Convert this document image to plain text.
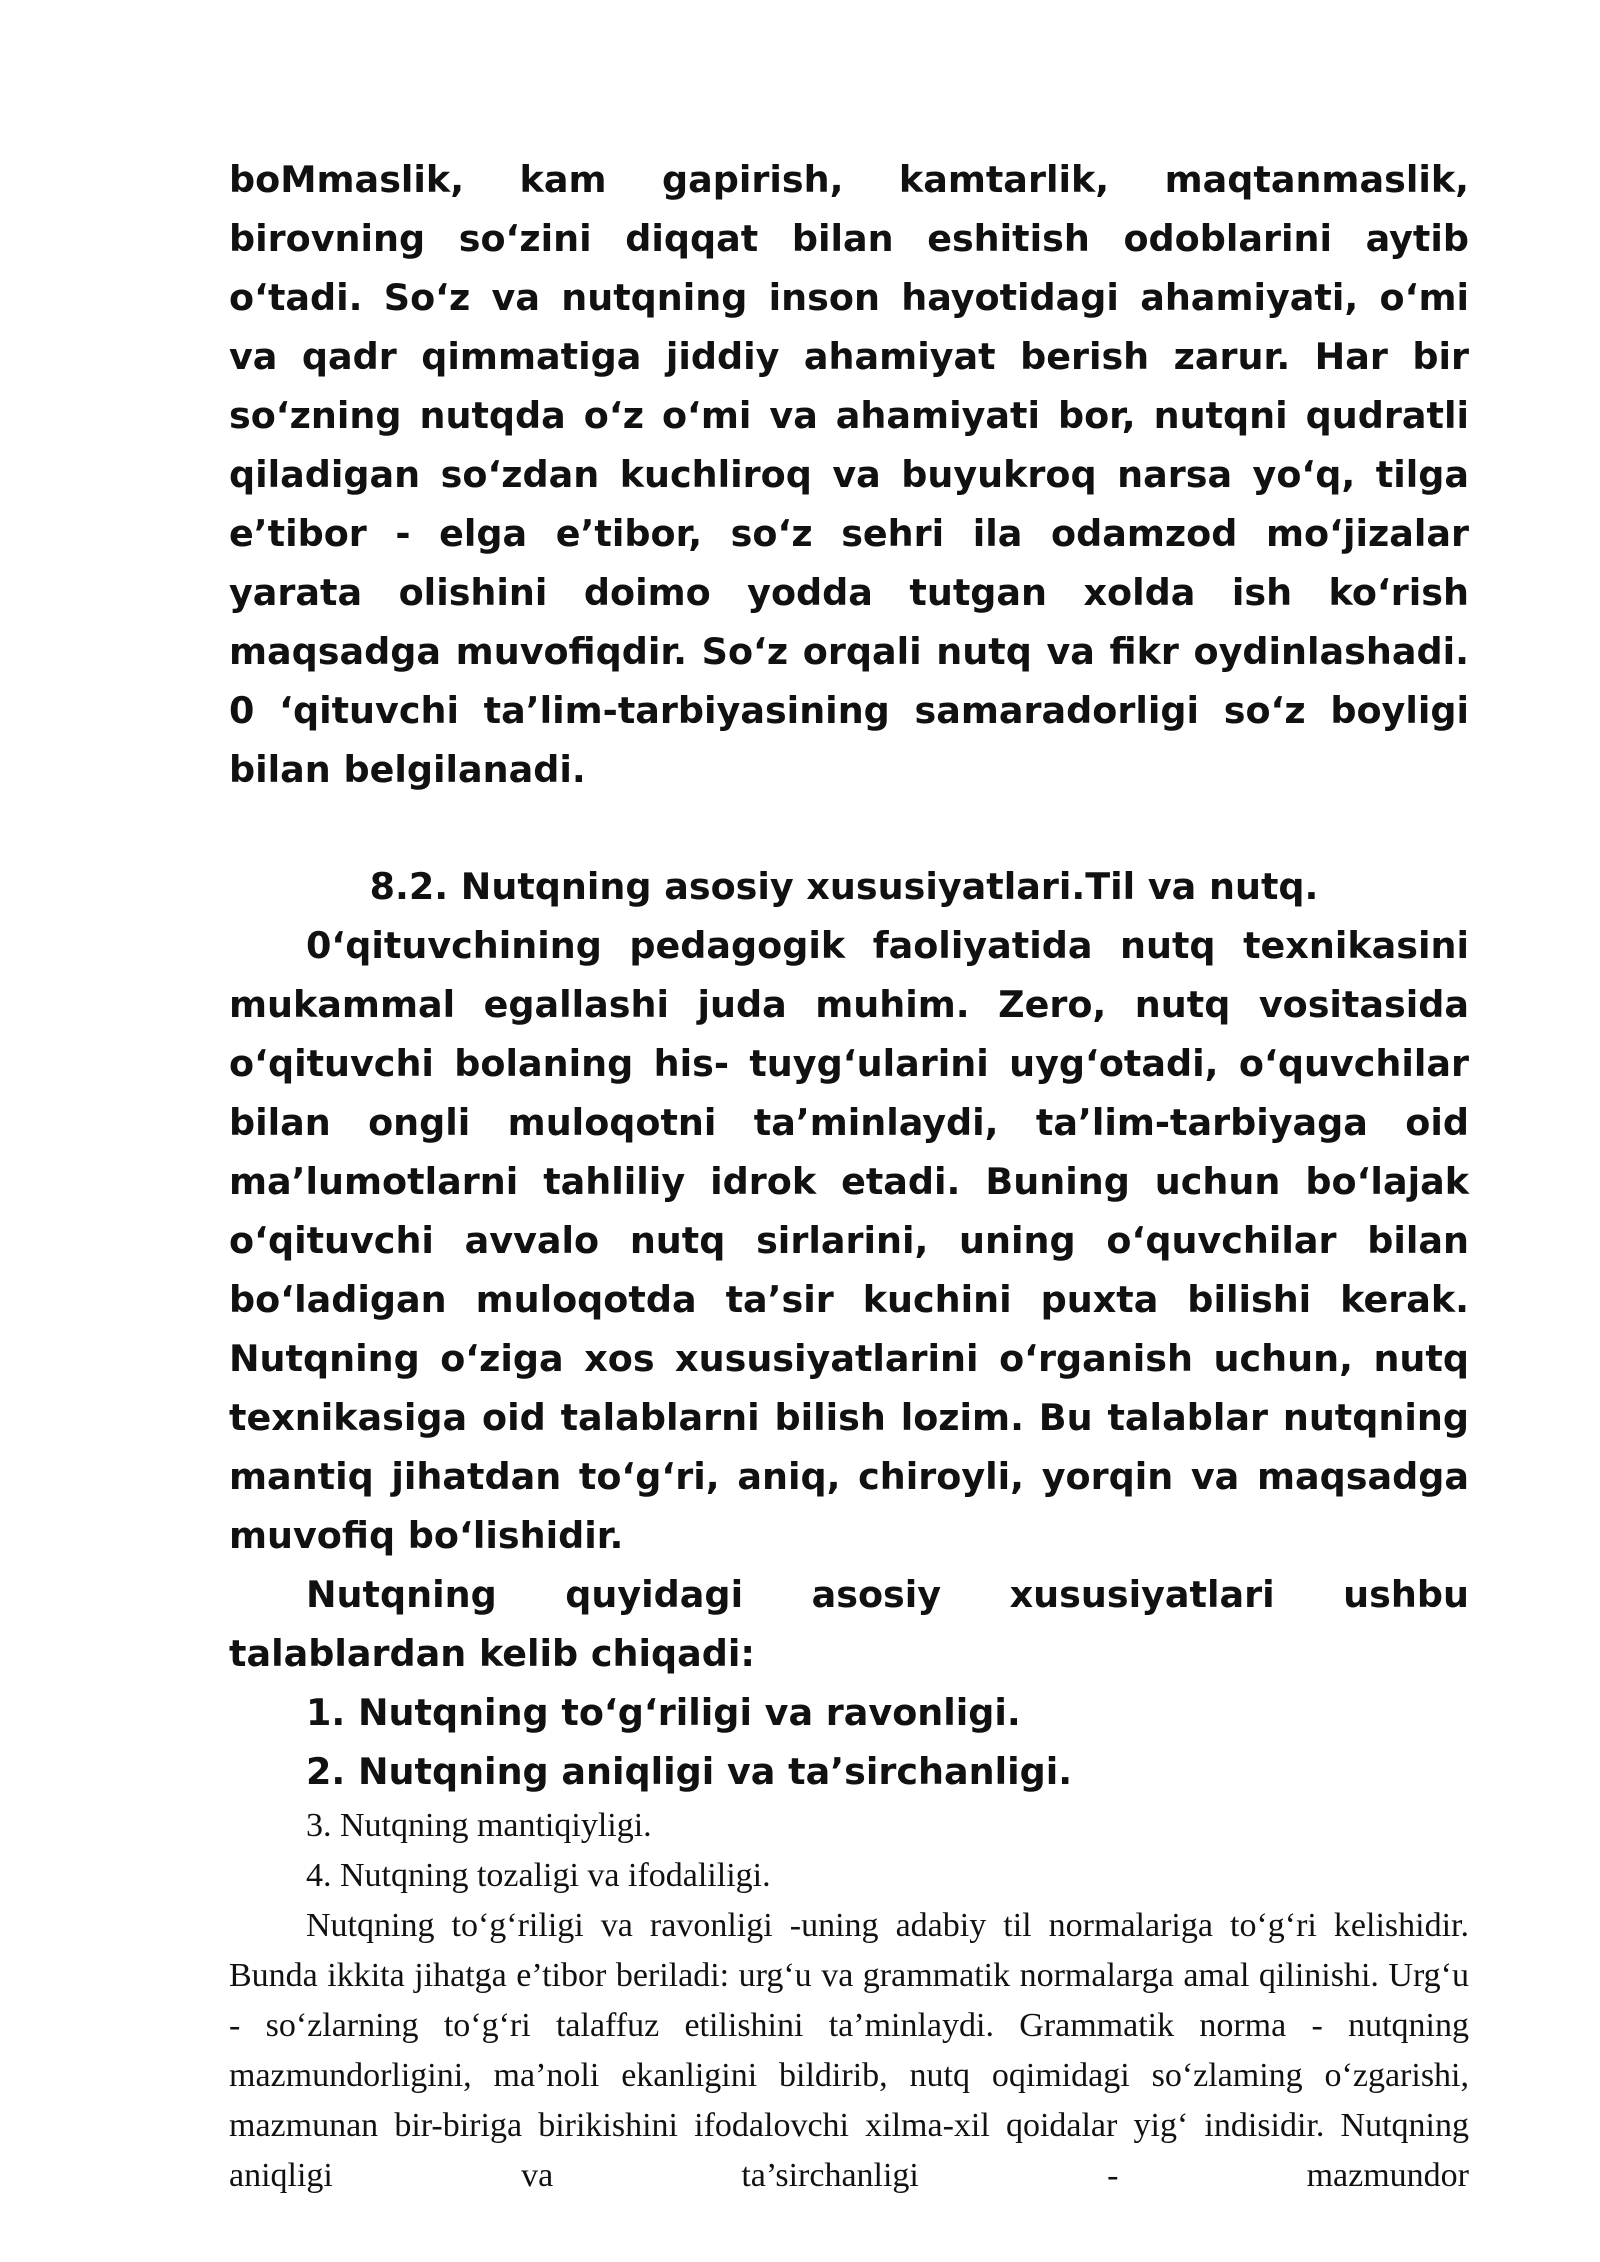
boMmaslik, kam gapirish, kamtarlik, maqtanmaslik, birovning so‘zini diqqat bilan eshitish odoblarini aytib o‘tadi. So‘z va nutqning inson hayotidagi ahamiyati, o‘mi va qadr qimmatiga jiddiy ahamiyat berish zarur. Har bir so‘zning nutqda o‘z o‘mi va ahamiyati bor, nutqni qudratli qiladigan so‘zdan kuchliroq va buyukroq narsa yo‘q, tilga e’tibor - elga e’tibor, so‘z sehri ila odamzod mo‘jizalar yarata olishini doimo yodda tutgan xolda ish ko‘rish maqsadga muvofiqdir. So‘z orqali nutq va fikr oydinlashadi. 0 ‘qituvchi ta’lim-tarbiyasining samaradorligi so‘z boyligi bilan belgilanadi.

8.2. Nutqning asosiy xususiyatlari.Til va nutq.

0‘qituvchining pedagogik faoliyatida nutq texnikasini mukammal egallashi juda muhim. Zero, nutq vositasida o‘qituvchi bolaning his- tuyg‘ularini uyg‘otadi, o‘quvchilar bilan ongli muloqotni ta’minlaydi, ta’lim-tarbiyaga oid ma’lumotlarni tahliliy idrok etadi. Buning uchun bo‘lajak o‘qituvchi avvalo nutq sirlarini, uning o‘quvchilar bilan bo‘ladigan muloqotda ta’sir kuchini puxta bilishi kerak. Nutqning o‘ziga xos xususiyatlarini o‘rganish uchun, nutq texnikasiga oid talablarni bilish lozim. Bu talablar nutqning mantiq jihatdan to‘g‘ri, aniq, chiroyli, yorqin va maqsadga muvofiq bo‘lishidir.

Nutqning quyidagi asosiy xususiyatlari ushbu talablardan kelib chiqadi:

1. Nutqning to‘g‘riligi va ravonligi.

2. Nutqning aniqligi va ta’sirchanligi.

3. Nutqning mantiqiyligi.

4. Nutqning tozaligi va ifodaliligi.

Nutqning to‘g‘riligi va ravonligi -uning adabiy til normalariga to‘g‘ri kelishidir. Bunda ikkita jihatga e’tibor beriladi: urg‘u va grammatik normalarga amal qilinishi. Urg‘u - so‘zlarning to‘g‘ri talaffuz etilishini ta’minlaydi. Grammatik norma - nutqning mazmundorligini, ma’noli ekanligini bildirib, nutq oqimidagi so‘zlaming o‘zgarishi, mazmunan bir-biriga birikishini ifodalovchi xilma-xil qoidalar yig‘ indisidir. Nutqning aniqligi va ta’sirchanligi - mazmundor
